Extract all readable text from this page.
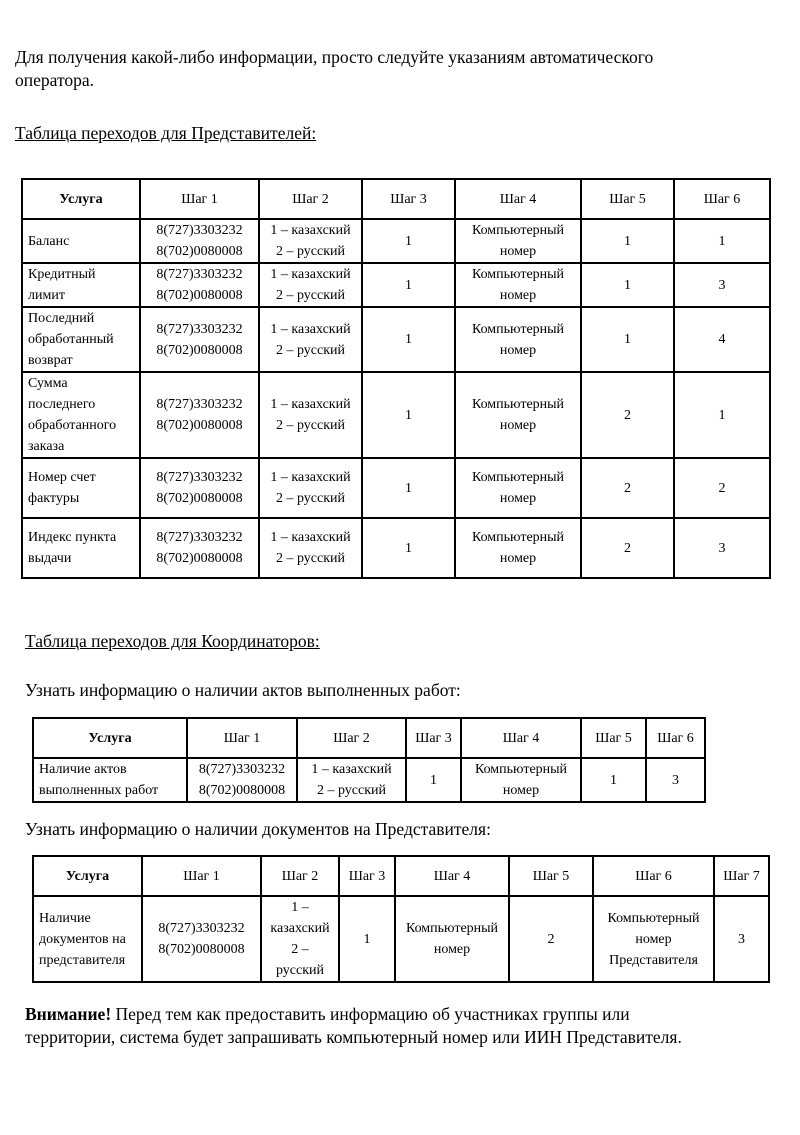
Для получения какой-либо информации, просто следуйте указаниям автоматического
оператора.

Таблица переходов для Представителей:

Услуга	Шаг 1	Шаг 2	Шаг 3	Шаг 4	Шаг 5	Шаг 6

Баланс	8(727)3303232
8(702)0080008	1 – казахский
2 – русский	1	Компьютерный
номер	1	1

Кредитный
лимит	8(727)3303232
8(702)0080008	1 – казахский
2 – русский	1	Компьютерный
номер	1	3

Последний
обработанный
возврат	8(727)3303232
8(702)0080008	1 – казахский
2 – русский	1	Компьютерный
номер	1	4

Сумма
последнего
обработанного
заказа	8(727)3303232
8(702)0080008	1 – казахский
2 – русский	1	Компьютерный
номер	2	1

Номер счет
фактуры	8(727)3303232
8(702)0080008	1 – казахский
2 – русский	1	Компьютерный
номер	2	2

Индекс пункта
выдачи	8(727)3303232
8(702)0080008	1 – казахский
2 – русский	1	Компьютерный
номер	2	3

Таблица переходов для Координаторов:

Узнать информацию о наличии актов выполненных работ:

Услуга	Шаг 1	Шаг 2	Шаг 3	Шаг 4	Шаг 5	Шаг 6

Наличие актов
выполненных работ	8(727)3303232
8(702)0080008	1 – казахский
2 – русский	1	Компьютерный
номер	1	3

Узнать информацию о наличии документов на Представителя:

Услуга	Шаг 1	Шаг 2	Шаг 3	Шаг 4	Шаг 5	Шаг 6	Шаг 7

Наличие
документов на
представителя	8(727)3303232
8(702)0080008	1 –
казахский
2 –
русский	1	Компьютерный
номер	2	Компьютерный
номер
Представителя	3

Внимание! Перед тем как предоставить информацию об участниках группы или
территории, система будет запрашивать компьютерный номер или ИИН Представителя.
